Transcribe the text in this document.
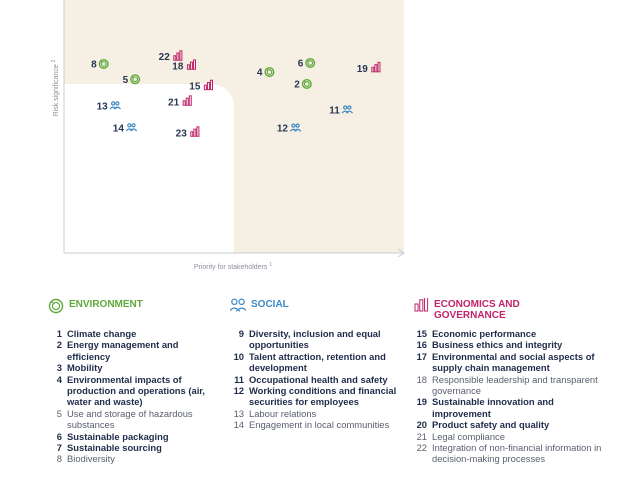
22
18	19
15
21
23
8
5
6
4
2
13
14
11
12
Priority for stakeholders $^1$
Risk significance $^2$
ENVIRONMENT
1 Climate change
2 Energy management and efficiency
3 Mobility
4 Environmental impacts of production and operations (air, water and waste)
5 Use and storage of hazardous substances
6 Sustainable packaging
7 Sustainable sourcing
8 Biodiversity
SOCIAL
9 Diversity, inclusion and equal opportunities
10 Talent attraction, retention and development
11 Occupational health and safety
12 Working conditions and financial securities for employees
13 Labour relations
14 Engagement in local communities
ECONOMICS AND GOVERNANCE
15 Economic performance
16 Business ethics and integrity
17 Environmental and social aspects of supply chain management
18 Responsible leadership and transparent governance
19 Sustainable innovation and improvement
20 Product safety and quality
21 Legal compliance
22 Integration of non-financial information in decision-making processes
